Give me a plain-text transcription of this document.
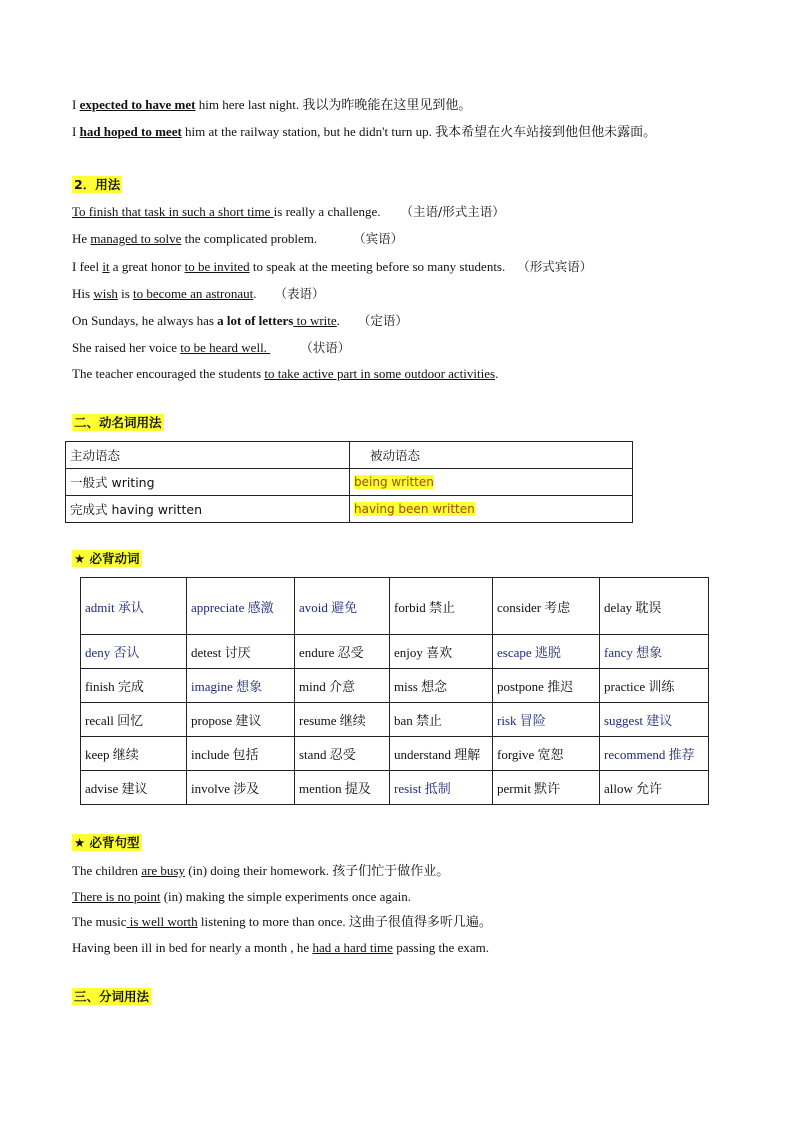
I expected to have met him here last night. 我以为昨晚能在这里见到他。
I had hoped to meet him at the railway station, but he didn't turn up. 我本希望在火车站接到他但他未露面。
2．用法
To finish that task in such a short time is really a challenge. （主语/形式主语）
He managed to solve the complicated problem.	（宾语）
I feel it a great honor to be invited to speak at the meeting before so many students. （形式宾语）
His wish is to become an astronaut. （表语）
On Sundays, he always has a lot of letters to write. （定语）
She raised her voice to be heard well. （状语）
The teacher encouraged the students to take active part in some outdoor activities.
二、动名词用法
主动语态	被动语态
一般式 writing	being written
完成式 having written	having been written
★ 必背动词
admit 承认	appreciate 感激	avoid 避免	forbid 禁止	consider 考虑	delay 耽误
deny 否认	detest 讨厌	endure 忍受	enjoy 喜欢	escape 逃脱	fancy 想象
finish 完成	imagine 想象	mind 介意	miss 想念	postpone 推迟	practice 训练
recall 回忆	propose 建议	resume 继续	ban 禁止	risk 冒险	suggest 建议
keep 继续	include 包括	stand 忍受	understand 理解	forgive 宽恕	recommend 推荐
advise 建议	involve 涉及	mention 提及	resist 抵制	permit 默许	allow 允许
★ 必背句型
The children are busy (in) doing their homework. 孩子们忙于做作业。
There is no point (in) making the simple experiments once again.
The music is well worth listening to more than once. 这曲子很值得多听几遍。
Having been ill in bed for nearly a month , he had a hard time passing the exam.
三、分词用法
